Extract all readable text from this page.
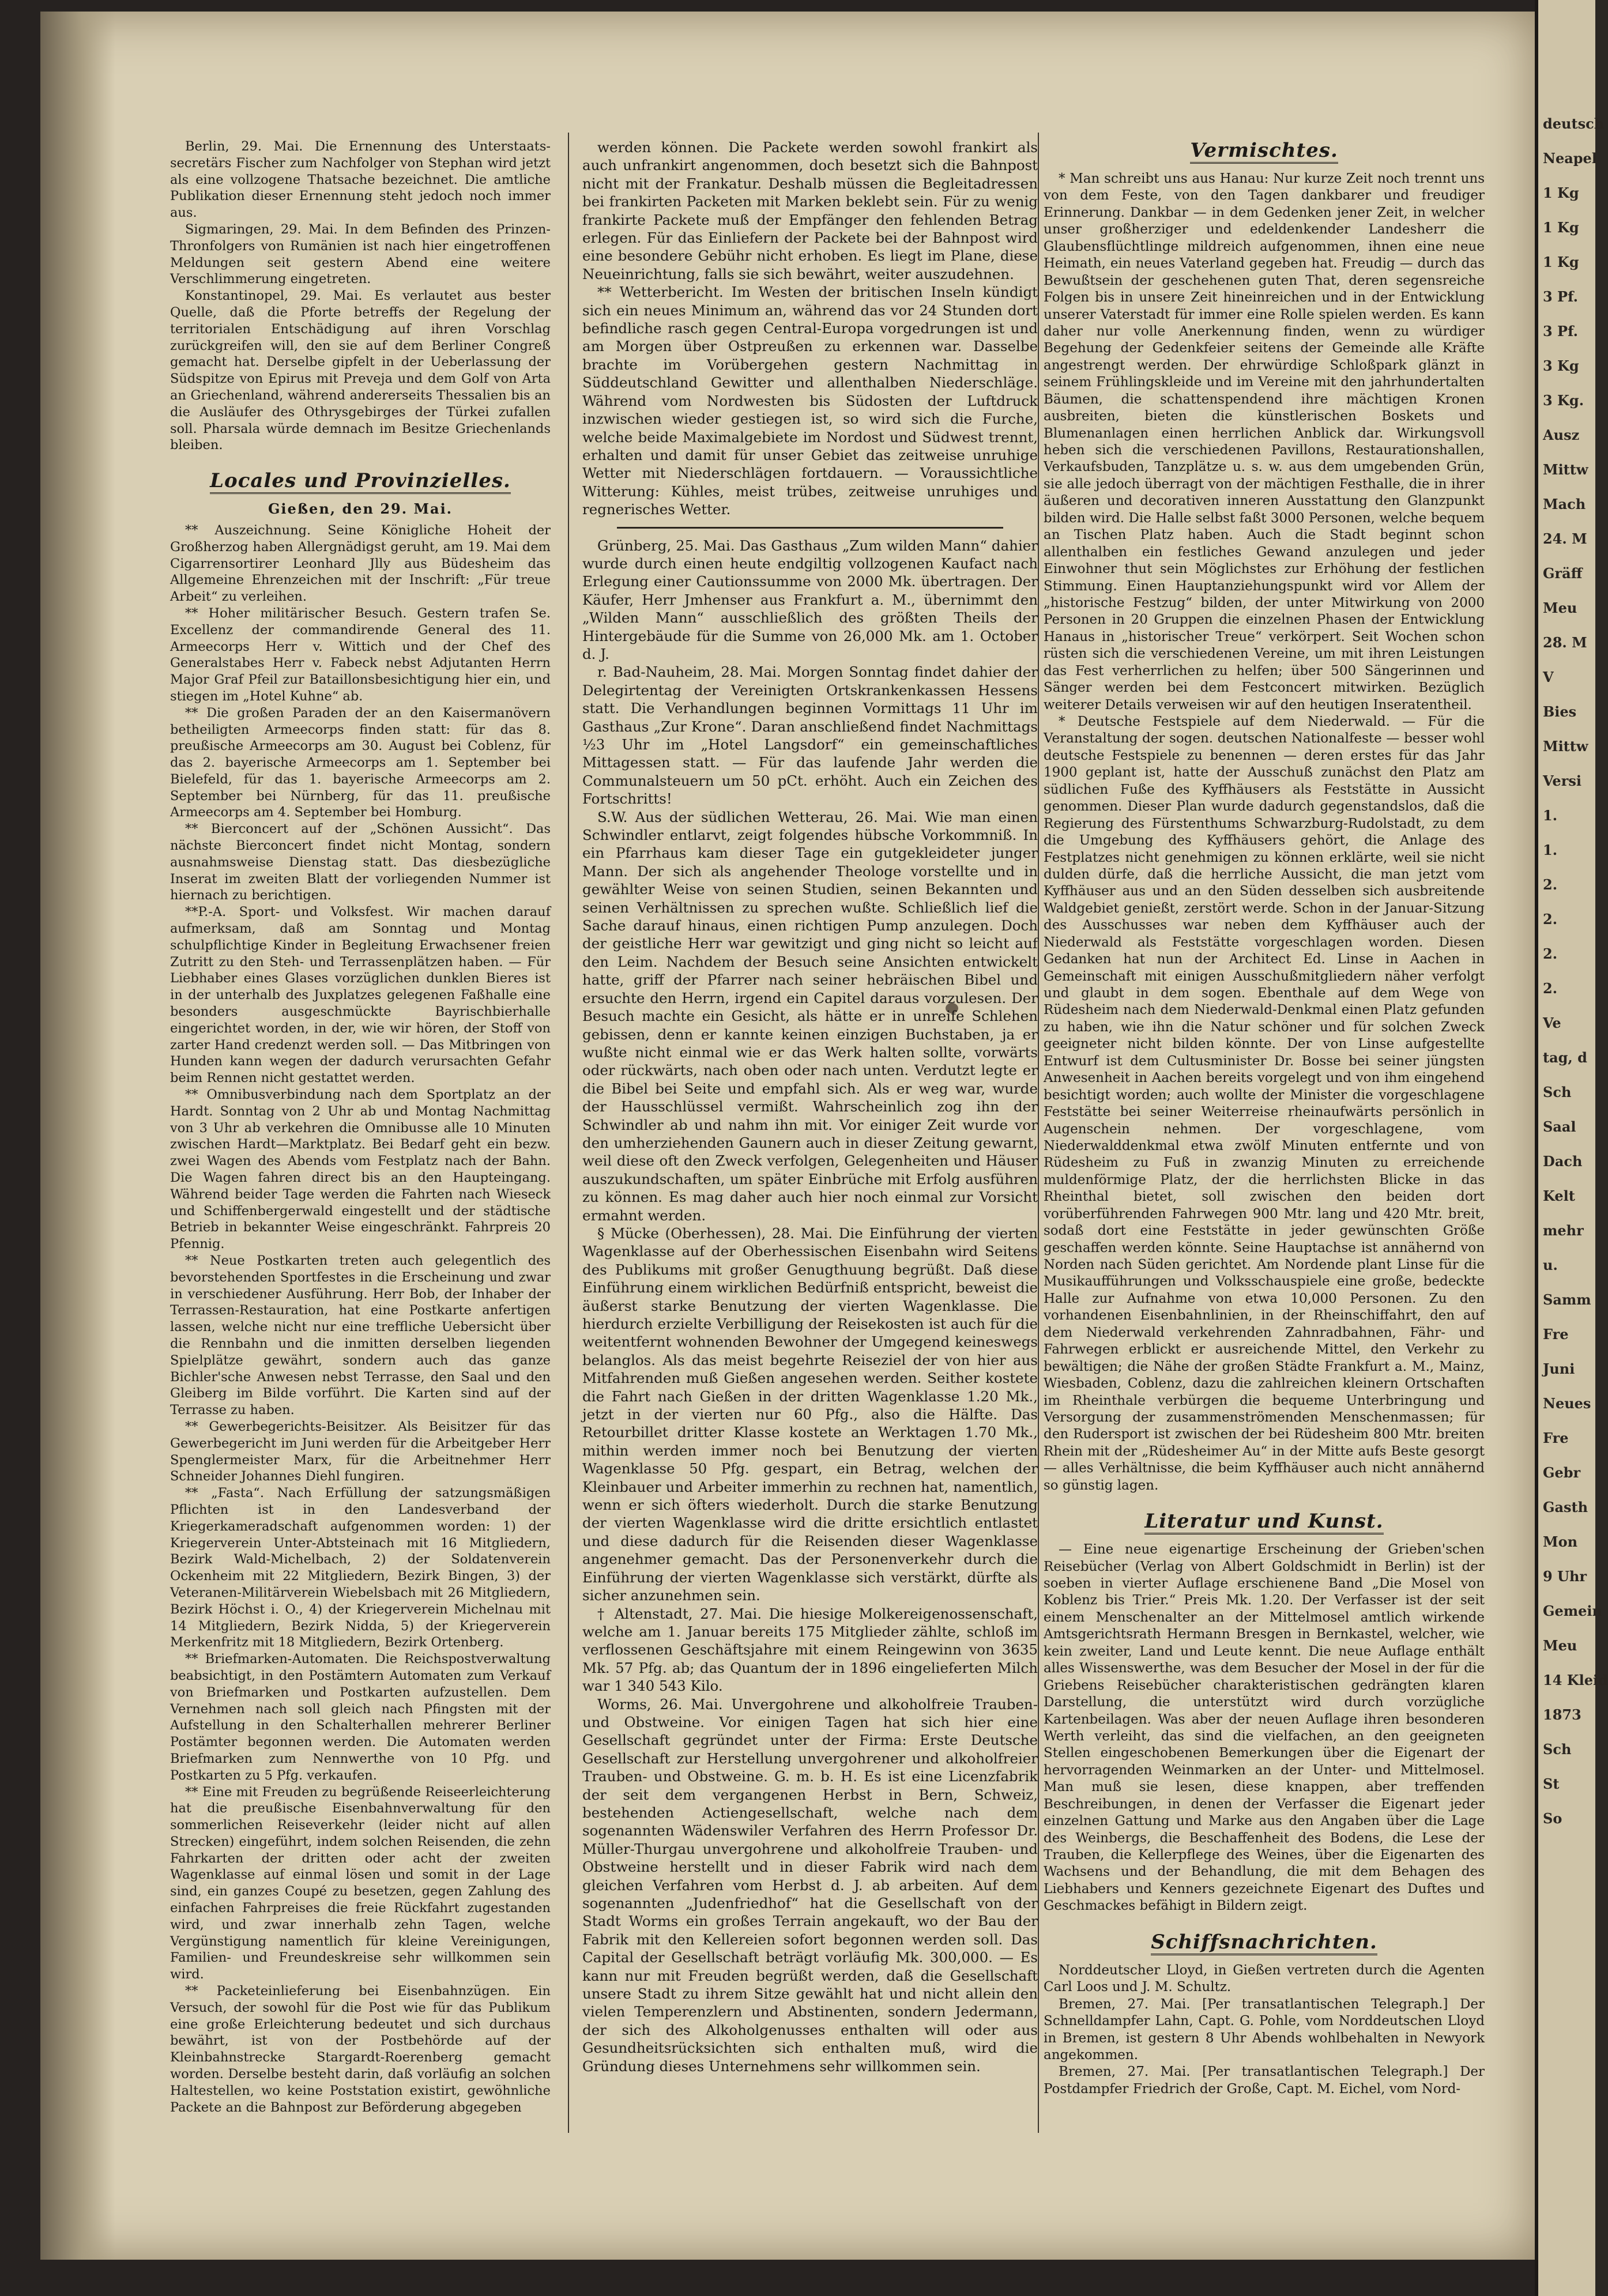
Berlin, 29. Mai. Die Ernennung des Unterstaats-secretärs Fischer zum Nachfolger von Stephan wird jetzt als eine vollzogene Thatsache bezeichnet. Die amtliche Publikation dieser Ernennung steht jedoch noch immer aus.

Sigmaringen, 29. Mai. In dem Befinden des Prinzen-Thronfolgers von Rumänien ist nach hier eingetroffenen Meldungen seit gestern Abend eine weitere Verschlimmerung eingetreten.

Konstantinopel, 29. Mai. Es verlautet aus bester Quelle, daß die Pforte betreffs der Regelung der territorialen Entschädigung auf ihren Vorschlag zurückgreifen will, den sie auf dem Berliner Congreß gemacht hat. Derselbe gipfelt in der Ueberlassung der Südspitze von Epirus mit Preveja und dem Golf von Arta an Griechenland, während andererseits Thessalien bis an die Ausläufer des Othrysgebirges der Türkei zufallen soll. Pharsala würde demnach im Besitze Griechenlands bleiben.

Locales und Provinzielles.
Gießen, den 29. Mai.

** Auszeichnung. Seine Königliche Hoheit der Großherzog haben Allergnädigst geruht, am 19. Mai dem Cigarrensortirer Leonhard Jlly aus Büdesheim das Allgemeine Ehrenzeichen mit der Inschrift: „Für treue Arbeit“ zu verleihen.

** Hoher militärischer Besuch. Gestern trafen Se. Excellenz der commandirende General des 11. Armeecorps Herr v. Wittich und der Chef des Generalstabes Herr v. Fabeck nebst Adjutanten Herrn Major Graf Pfeil zur Bataillonsbesichtigung hier ein, und stiegen im „Hotel Kuhne“ ab.

** Die großen Paraden der an den Kaisermanövern betheiligten Armeecorps finden statt: für das 8. preußische Armeecorps am 30. August bei Coblenz, für das 2. bayerische Armeecorps am 1. September bei Bielefeld, für das 1. bayerische Armeecorps am 2. September bei Nürnberg, für das 11. preußische Armeecorps am 4. September bei Homburg.

** Bierconcert auf der „Schönen Aussicht“. Das nächste Bierconcert findet nicht Montag, sondern ausnahmsweise Dienstag statt. Das diesbezügliche Inserat im zweiten Blatt der vorliegenden Nummer ist hiernach zu berichtigen.

**P.-A. Sport- und Volksfest. Wir machen darauf aufmerksam, daß am Sonntag und Montag schulpflichtige Kinder in Begleitung Erwachsener freien Zutritt zu den Steh- und Terrassenplätzen haben. — Für Liebhaber eines Glases vorzüglichen dunklen Bieres ist in der unterhalb des Juxplatzes gelegenen Faßhalle eine besonders ausgeschmückte Bayrischbierhalle eingerichtet worden, in der, wie wir hören, der Stoff von zarter Hand credenzt werden soll. — Das Mitbringen von Hunden kann wegen der dadurch verursachten Gefahr beim Rennen nicht gestattet werden.

** Omnibusverbindung nach dem Sportplatz an der Hardt. Sonntag von 2 Uhr ab und Montag Nachmittag von 3 Uhr ab verkehren die Omnibusse alle 10 Minuten zwischen Hardt—Marktplatz. Bei Bedarf geht ein bezw. zwei Wagen des Abends vom Festplatz nach der Bahn. Die Wagen fahren direct bis an den Haupteingang. Während beider Tage werden die Fahrten nach Wieseck und Schiffenbergerwald eingestellt und der städtische Betrieb in bekannter Weise eingeschränkt. Fahrpreis 20 Pfennig.

** Neue Postkarten treten auch gelegentlich des bevorstehenden Sportfestes in die Erscheinung und zwar in verschiedener Ausführung. Herr Bob, der Inhaber der Terrassen-Restauration, hat eine Postkarte anfertigen lassen, welche nicht nur eine treffliche Uebersicht über die Rennbahn und die inmitten derselben liegenden Spielplätze gewährt, sondern auch das ganze Bichler'sche Anwesen nebst Terrasse, den Saal und den Gleiberg im Bilde vorführt. Die Karten sind auf der Terrasse zu haben.

** Gewerbegerichts-Beisitzer. Als Beisitzer für das Gewerbegericht im Juni werden für die Arbeitgeber Herr Spenglermeister Marx, für die Arbeitnehmer Herr Schneider Johannes Diehl fungiren.

** „Fasta“. Nach Erfüllung der satzungsmäßigen Pflichten ist in den Landesverband der Kriegerkameradschaft aufgenommen worden: 1) der Kriegerverein Unter-Abtsteinach mit 16 Mitgliedern, Bezirk Wald-Michelbach, 2) der Soldatenverein Ockenheim mit 22 Mitgliedern, Bezirk Bingen, 3) der Veteranen-Militärverein Wiebelsbach mit 26 Mitgliedern, Bezirk Höchst i. O., 4) der Kriegerverein Michelnau mit 14 Mitgliedern, Bezirk Nidda, 5) der Kriegerverein Merkenfritz mit 18 Mitgliedern, Bezirk Ortenberg.

** Briefmarken-Automaten. Die Reichspostverwaltung beabsichtigt, in den Postämtern Automaten zum Verkauf von Briefmarken und Postkarten aufzustellen. Dem Vernehmen nach soll gleich nach Pfingsten mit der Aufstellung in den Schalterhallen mehrerer Berliner Postämter begonnen werden. Die Automaten werden Briefmarken zum Nennwerthe von 10 Pfg. und Postkarten zu 5 Pfg. verkaufen.

** Eine mit Freuden zu begrüßende Reiseerleichterung hat die preußische Eisenbahnverwaltung für den sommerlichen Reiseverkehr (leider nicht auf allen Strecken) eingeführt, indem solchen Reisenden, die zehn Fahrkarten der dritten oder acht der zweiten Wagenklasse auf einmal lösen und somit in der Lage sind, ein ganzes Coupé zu besetzen, gegen Zahlung des einfachen Fahrpreises die freie Rückfahrt zugestanden wird, und zwar innerhalb zehn Tagen, welche Vergünstigung namentlich für kleine Vereinigungen, Familien- und Freundeskreise sehr willkommen sein wird.

** Packeteinlieferung bei Eisenbahnzügen. Ein Versuch, der sowohl für die Post wie für das Publikum eine große Erleichterung bedeutet und sich durchaus bewährt, ist von der Postbehörde auf der Kleinbahnstrecke Stargardt-Roerenberg gemacht worden. Derselbe besteht darin, daß vorläufig an solchen Haltestellen, wo keine Poststation existirt, gewöhnliche Packete an die Bahnpost zur Beförderung abgegeben

werden können. Die Packete werden sowohl frankirt als auch unfrankirt angenommen, doch besetzt sich die Bahnpost nicht mit der Frankatur. Deshalb müssen die Begleitadressen bei frankirten Packeten mit Marken beklebt sein. Für zu wenig frankirte Packete muß der Empfänger den fehlenden Betrag erlegen. Für das Einliefern der Packete bei der Bahnpost wird eine besondere Gebühr nicht erhoben. Es liegt im Plane, diese Neueinrichtung, falls sie sich bewährt, weiter auszudehnen.

** Wetterbericht. Im Westen der britischen Inseln kündigt sich ein neues Minimum an, während das vor 24 Stunden dort befindliche rasch gegen Central-Europa vorgedrungen ist und am Morgen über Ostpreußen zu erkennen war. Dasselbe brachte im Vorübergehen gestern Nachmittag in Süddeutschland Gewitter und allenthalben Niederschläge. Während vom Nordwesten bis Südosten der Luftdruck inzwischen wieder gestiegen ist, so wird sich die Furche, welche beide Maximalgebiete im Nordost und Südwest trennt, erhalten und damit für unser Gebiet das zeitweise unruhige Wetter mit Niederschlägen fortdauern. — Voraussichtliche Witterung: Kühles, meist trübes, zeitweise unruhiges und regnerisches Wetter.

Grünberg, 25. Mai. Das Gasthaus „Zum wilden Mann“ dahier wurde durch einen heute endgiltig vollzogenen Kaufact nach Erlegung einer Cautionssumme von 2000 Mk. übertragen. Der Käufer, Herr Jmhenser aus Frankfurt a. M., übernimmt den „Wilden Mann“ ausschließlich des größten Theils der Hintergebäude für die Summe von 26,000 Mk. am 1. October d. J.

r. Bad-Nauheim, 28. Mai. Morgen Sonntag findet dahier der Delegirtentag der Vereinigten Ortskrankenkassen Hessens statt. Die Verhandlungen beginnen Vormittags 11 Uhr im Gasthaus „Zur Krone“. Daran anschließend findet Nachmittags ½3 Uhr im „Hotel Langsdorf“ ein gemeinschaftliches Mittagessen statt. — Für das laufende Jahr werden die Communalsteuern um 50 pCt. erhöht. Auch ein Zeichen des Fortschritts!

S.W. Aus der südlichen Wetterau, 26. Mai. Wie man einen Schwindler entlarvt, zeigt folgendes hübsche Vorkommniß. In ein Pfarrhaus kam dieser Tage ein gutgekleideter junger Mann. Der sich als angehender Theologe vorstellte und in gewählter Weise von seinen Studien, seinen Bekannten und seinen Verhältnissen zu sprechen wußte. Schließlich lief die Sache darauf hinaus, einen richtigen Pump anzulegen. Doch der geistliche Herr war gewitzigt und ging nicht so leicht auf den Leim. Nachdem der Besuch seine Ansichten entwickelt hatte, griff der Pfarrer nach seiner hebräischen Bibel und ersuchte den Herrn, irgend ein Capitel daraus vorzulesen. Der Besuch machte ein Gesicht, als hätte er in unreife Schlehen gebissen, denn er kannte keinen einzigen Buchstaben, ja er wußte nicht einmal wie er das Werk halten sollte, vorwärts oder rückwärts, nach oben oder nach unten. Verdutzt legte er die Bibel bei Seite und empfahl sich. Als er weg war, wurde der Hausschlüssel vermißt. Wahrscheinlich zog ihn der Schwindler ab und nahm ihn mit. Vor einiger Zeit wurde vor den umherziehenden Gaunern auch in dieser Zeitung gewarnt, weil diese oft den Zweck verfolgen, Gelegenheiten und Häuser auszukundschaften, um später Einbrüche mit Erfolg ausführen zu können. Es mag daher auch hier noch einmal zur Vorsicht ermahnt werden.

§ Mücke (Oberhessen), 28. Mai. Die Einführung der vierten Wagenklasse auf der Oberhessischen Eisenbahn wird Seitens des Publikums mit großer Genugthuung begrüßt. Daß diese Einführung einem wirklichen Bedürfniß entspricht, beweist die äußerst starke Benutzung der vierten Wagenklasse. Die hierdurch erzielte Verbilligung der Reisekosten ist auch für die weitentfernt wohnenden Bewohner der Umgegend keineswegs belanglos. Als das meist begehrte Reiseziel der von hier aus Mitfahrenden muß Gießen angesehen werden. Seither kostete die Fahrt nach Gießen in der dritten Wagenklasse 1.20 Mk., jetzt in der vierten nur 60 Pfg., also die Hälfte. Das Retourbillet dritter Klasse kostete an Werktagen 1.70 Mk., mithin werden immer noch bei Benutzung der vierten Wagenklasse 50 Pfg. gespart, ein Betrag, welchen der Kleinbauer und Arbeiter immerhin zu rechnen hat, namentlich, wenn er sich öfters wiederholt. Durch die starke Benutzung der vierten Wagenklasse wird die dritte ersichtlich entlastet und diese dadurch für die Reisenden dieser Wagenklasse angenehmer gemacht. Das der Personenverkehr durch die Einführung der vierten Wagenklasse sich verstärkt, dürfte als sicher anzunehmen sein.

† Altenstadt, 27. Mai. Die hiesige Molkereigenossenschaft, welche am 1. Januar bereits 175 Mitglieder zählte, schloß im verflossenen Geschäftsjahre mit einem Reingewinn von 3635 Mk. 57 Pfg. ab; das Quantum der in 1896 eingelieferten Milch war 1 340 543 Kilo.

Worms, 26. Mai. Unvergohrene und alkoholfreie Trauben- und Obstweine. Vor einigen Tagen hat sich hier eine Gesellschaft gegründet unter der Firma: Erste Deutsche Gesellschaft zur Herstellung unvergohrener und alkoholfreier Trauben- und Obstweine. G. m. b. H. Es ist eine Licenzfabrik der seit dem vergangenen Herbst in Bern, Schweiz, bestehenden Actiengesellschaft, welche nach dem sogenannten Wädenswiler Verfahren des Herrn Professor Dr. Müller-Thurgau unvergohrene und alkoholfreie Trauben- und Obstweine herstellt und in dieser Fabrik wird nach dem gleichen Verfahren vom Herbst d. J. ab arbeiten. Auf dem sogenannten „Judenfriedhof“ hat die Gesellschaft von der Stadt Worms ein großes Terrain angekauft, wo der Bau der Fabrik mit den Kellereien sofort begonnen werden soll. Das Capital der Gesellschaft beträgt vorläufig Mk. 300,000. — Es kann nur mit Freuden begrüßt werden, daß die Gesellschaft unsere Stadt zu ihrem Sitze gewählt hat und nicht allein den vielen Temperenzlern und Abstinenten, sondern Jedermann, der sich des Alkoholgenusses enthalten will oder aus Gesundheitsrücksichten sich enthalten muß, wird die Gründung dieses Unternehmens sehr willkommen sein.

Vermischtes.

* Man schreibt uns aus Hanau: Nur kurze Zeit noch trennt uns von dem Feste, von den Tagen dankbarer und freudiger Erinnerung. Dankbar — in dem Gedenken jener Zeit, in welcher unser großherziger und edeldenkender Landesherr die Glaubensflüchtlinge mildreich aufgenommen, ihnen eine neue Heimath, ein neues Vaterland gegeben hat. Freudig — durch das Bewußtsein der geschehenen guten That, deren segensreiche Folgen bis in unsere Zeit hineinreichen und in der Entwicklung unserer Vaterstadt für immer eine Rolle spielen werden. Es kann daher nur volle Anerkennung finden, wenn zu würdiger Begehung der Gedenkfeier seitens der Gemeinde alle Kräfte angestrengt werden. Der ehrwürdige Schloßpark glänzt in seinem Frühlingskleide und im Vereine mit den jahrhundertalten Bäumen, die schattenspendend ihre mächtigen Kronen ausbreiten, bieten die künstlerischen Boskets und Blumenanlagen einen herrlichen Anblick dar. Wirkungsvoll heben sich die verschiedenen Pavillons, Restaurationshallen, Verkaufsbuden, Tanzplätze u. s. w. aus dem umgebenden Grün, sie alle jedoch überragt von der mächtigen Festhalle, die in ihrer äußeren und decorativen inneren Ausstattung den Glanzpunkt bilden wird. Die Halle selbst faßt 3000 Personen, welche bequem an Tischen Platz haben. Auch die Stadt beginnt schon allenthalben ein festliches Gewand anzulegen und jeder Einwohner thut sein Möglichstes zur Erhöhung der festlichen Stimmung. Einen Hauptanziehungspunkt wird vor Allem der „historische Festzug“ bilden, der unter Mitwirkung von 2000 Personen in 20 Gruppen die einzelnen Phasen der Entwicklung Hanaus in „historischer Treue“ verkörpert. Seit Wochen schon rüsten sich die verschiedenen Vereine, um mit ihren Leistungen das Fest verherrlichen zu helfen; über 500 Sängerinnen und Sänger werden bei dem Festconcert mitwirken. Bezüglich weiterer Details verweisen wir auf den heutigen Inseratentheil.

* Deutsche Festspiele auf dem Niederwald. — Für die Veranstaltung der sogen. deutschen Nationalfeste — besser wohl deutsche Festspiele zu benennen — deren erstes für das Jahr 1900 geplant ist, hatte der Ausschuß zunächst den Platz am südlichen Fuße des Kyffhäusers als Feststätte in Aussicht genommen. Dieser Plan wurde dadurch gegenstandslos, daß die Regierung des Fürstenthums Schwarzburg-Rudolstadt, zu dem die Umgebung des Kyffhäusers gehört, die Anlage des Festplatzes nicht genehmigen zu können erklärte, weil sie nicht dulden dürfe, daß die herrliche Aussicht, die man jetzt vom Kyffhäuser aus und an den Süden desselben sich ausbreitende Waldgebiet genießt, zerstört werde. Schon in der Januar-Sitzung des Ausschusses war neben dem Kyffhäuser auch der Niederwald als Feststätte vorgeschlagen worden. Diesen Gedanken hat nun der Architect Ed. Linse in Aachen in Gemeinschaft mit einigen Ausschußmitgliedern näher verfolgt und glaubt in dem sogen. Ebenthale auf dem Wege von Rüdesheim nach dem Niederwald-Denkmal einen Platz gefunden zu haben, wie ihn die Natur schöner und für solchen Zweck geeigneter nicht bilden könnte. Der von Linse aufgestellte Entwurf ist dem Cultusminister Dr. Bosse bei seiner jüngsten Anwesenheit in Aachen bereits vorgelegt und von ihm eingehend besichtigt worden; auch wollte der Minister die vorgeschlagene Feststätte bei seiner Weiterreise rheinaufwärts persönlich in Augenschein nehmen. Der vorgeschlagene, vom Niederwalddenkmal etwa zwölf Minuten entfernte und von Rüdesheim zu Fuß in zwanzig Minuten zu erreichende muldenförmige Platz, der die herrlichsten Blicke in das Rheinthal bietet, soll zwischen den beiden dort vorüberführenden Fahrwegen 900 Mtr. lang und 420 Mtr. breit, sodaß dort eine Feststätte in jeder gewünschten Größe geschaffen werden könnte. Seine Hauptachse ist annähernd von Norden nach Süden gerichtet. Am Nordende plant Linse für die Musikaufführungen und Volksschauspiele eine große, bedeckte Halle zur Aufnahme von etwa 10,000 Personen. Zu den vorhandenen Eisenbahnlinien, in der Rheinschiffahrt, den auf dem Niederwald verkehrenden Zahnradbahnen, Fähr- und Fahrwegen erblickt er ausreichende Mittel, den Verkehr zu bewältigen; die Nähe der großen Städte Frankfurt a. M., Mainz, Wiesbaden, Coblenz, dazu die zahlreichen kleinern Ortschaften im Rheinthale verbürgen die bequeme Unterbringung und Versorgung der zusammenströmenden Menschenmassen; für den Rudersport ist zwischen der bei Rüdesheim 800 Mtr. breiten Rhein mit der „Rüdesheimer Au“ in der Mitte aufs Beste gesorgt — alles Verhältnisse, die beim Kyffhäuser auch nicht annähernd so günstig lagen.

Literatur und Kunst.

— Eine neue eigenartige Erscheinung der Grieben'schen Reisebücher (Verlag von Albert Goldschmidt in Berlin) ist der soeben in vierter Auflage erschienene Band „Die Mosel von Koblenz bis Trier.“ Preis Mk. 1.20. Der Verfasser ist der seit einem Menschenalter an der Mittelmosel amtlich wirkende Amtsgerichtsrath Hermann Bresgen in Bernkastel, welcher, wie kein zweiter, Land und Leute kennt. Die neue Auflage enthält alles Wissenswerthe, was dem Besucher der Mosel in der für die Griebens Reisebücher charakteristischen gedrängten klaren Darstellung, die unterstützt wird durch vorzügliche Kartenbeilagen. Was aber der neuen Auflage ihren besonderen Werth verleiht, das sind die vielfachen, an den geeigneten Stellen eingeschobenen Bemerkungen über die Eigenart der hervorragenden Weinmarken an der Unter- und Mittelmosel. Man muß sie lesen, diese knappen, aber treffenden Beschreibungen, in denen der Verfasser die Eigenart jeder einzelnen Gattung und Marke aus den Angaben über die Lage des Weinbergs, die Beschaffenheit des Bodens, die Lese der Trauben, die Kellerpflege des Weines, über die Eigenarten des Wachsens und der Behandlung, die mit dem Behagen des Liebhabers und Kenners gezeichnete Eigenart des Duftes und Geschmackes befähigt in Bildern zeigt.

Schiffsnachrichten.

Norddeutscher Lloyd, in Gießen vertreten durch die Agenten Carl Loos und J. M. Schultz.

Bremen, 27. Mai. [Per transatlantischen Telegraph.] Der Schnelldampfer Lahn, Capt. G. Pohle, vom Norddeutschen Lloyd in Bremen, ist gestern 8 Uhr Abends wohlbehalten in Newyork angekommen.

Bremen, 27. Mai. [Per transatlantischen Telegraph.] Der Postdampfer Friedrich der Große, Capt. M. Eichel, vom Nord-

deutsch
Neapel
1 Kg
1 Kg
1 Kg
3 Pf.
3 Pf.
3 Kg
3 Kg.
Ausz
Mittw
Mach
24. M
Gräff
Meu
28. M
V
Bies
Mittw
Versi
1.
1.
2.
2.
2.
2.
Ve
tag, d
Sch
Saal
Dach
Kelt
mehr
u.
Samm
Fre
Juni
Neues
Fre
Gebr
Gasth
Mon
9 Uhr
Gemein
Meu
14 Kleid
1873
Sch
St
So
